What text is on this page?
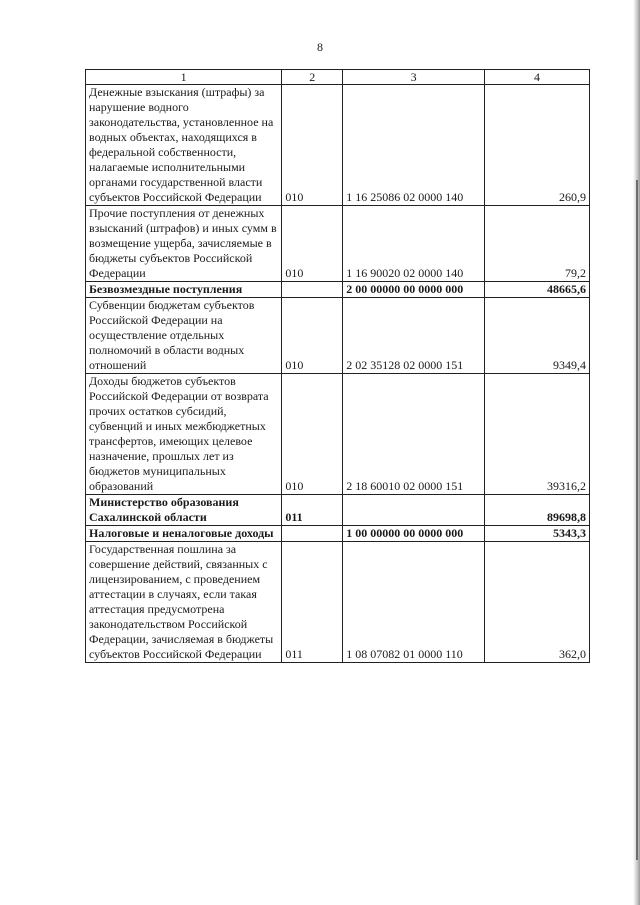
8
1	2	3	4
Денежные взыскания (штрафы) за нарушение водного законодательства, установленное на водных объектах, находящихся в федеральной собственности, налагаемые исполнительными органами государственной власти субъектов Российской Федерации	010	1 16 25086 02 0000 140	260,9
Прочие поступления от денежных взысканий (штрафов) и иных сумм в возмещение ущерба, зачисляемые в бюджеты субъектов Российской Федерации	010	1 16 90020 02 0000 140	79,2
Безвозмездные поступления		2 00 00000 00 0000 000	48665,6
Субвенции бюджетам субъектов Российской Федерации на осуществление отдельных полномочий в области водных отношений	010	2 02 35128 02 0000 151	9349,4
Доходы бюджетов субъектов Российской Федерации от возврата прочих остатков субсидий, субвенций и иных межбюджетных трансфертов, имеющих целевое назначение, прошлых лет из бюджетов муниципальных образований	010	2 18 60010 02 0000 151	39316,2
Министерство образования Сахалинской области	011		89698,8
Налоговые и неналоговые доходы		1 00 00000 00 0000 000	5343,3
Государственная пошлина за совершение действий, связанных с лицензированием, с проведением аттестации в случаях, если такая аттестация предусмотрена законодательством Российской Федерации, зачисляемая в бюджеты субъектов Российской Федерации	011	1 08 07082 01 0000 110	362,0
